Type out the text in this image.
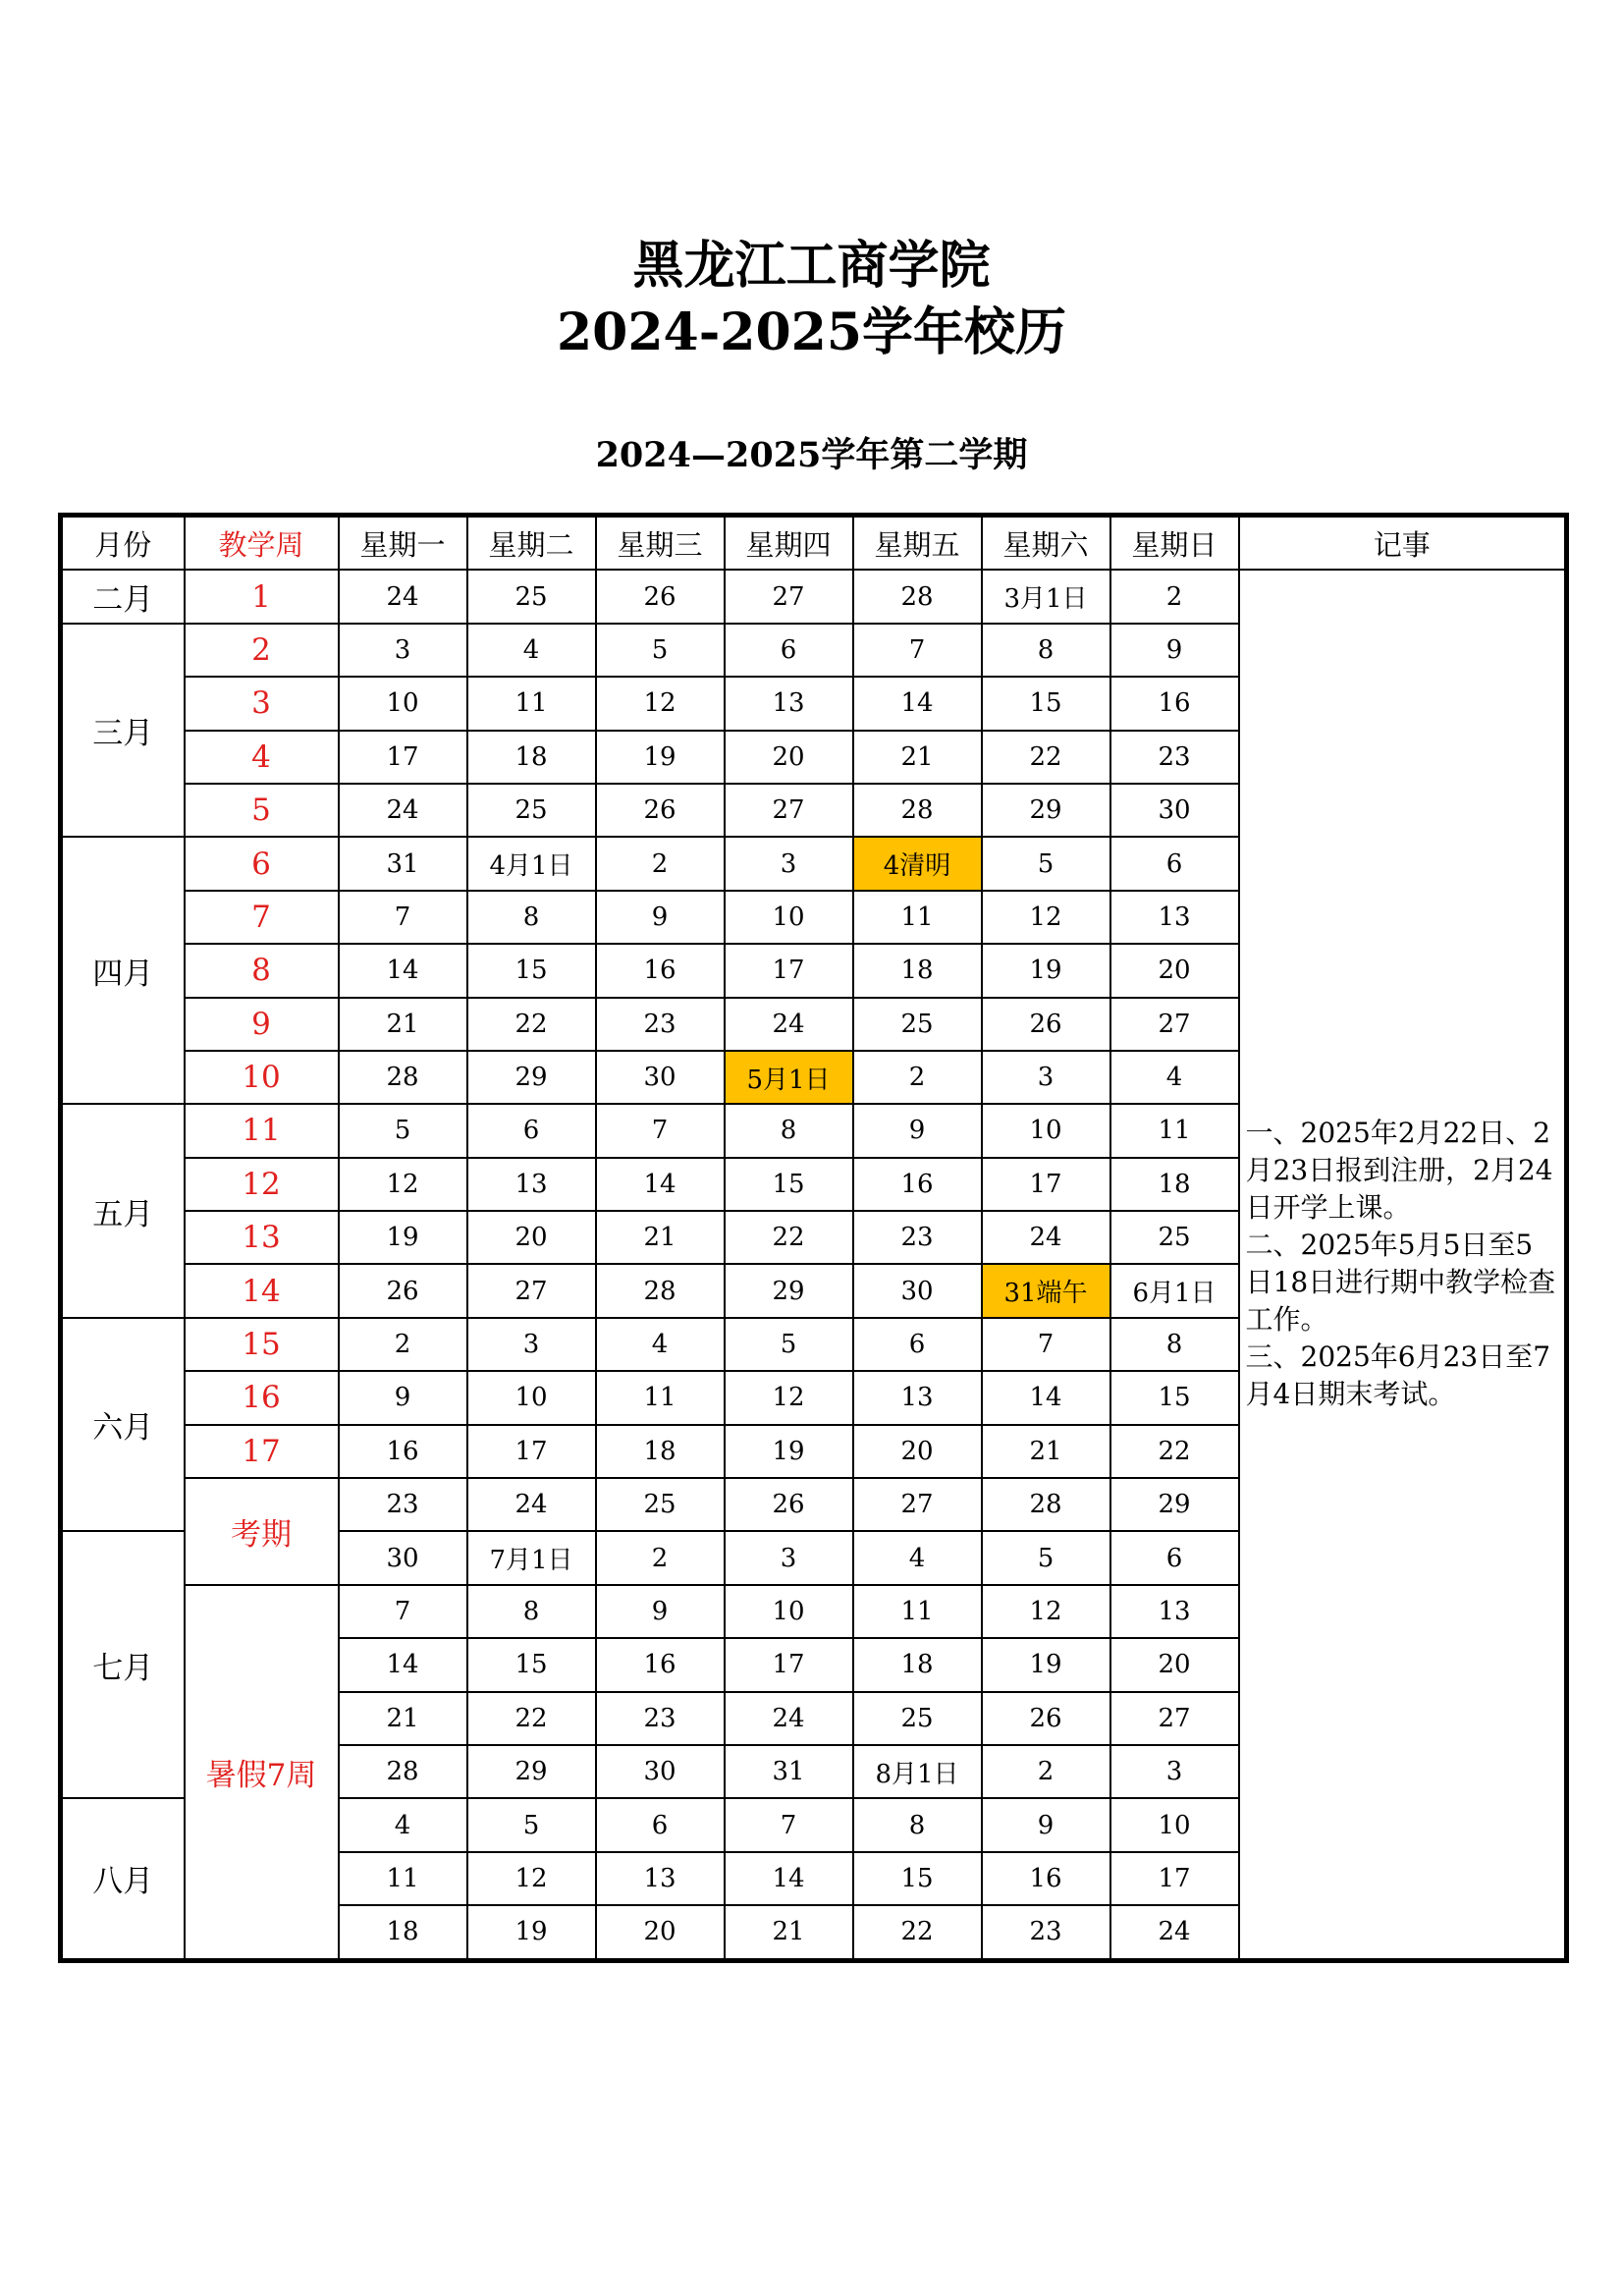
黑龙江工商学院
2024-2025学年校历
2024—2025学年第二学期
月份	教学周	星期一	星期二	星期三	星期四	星期五	星期六	星期日	记事
二月	1	24	25	26	27	28	3月1日	2	一、2025年2月22日、2月23日报到注册，2月24日开学上课。
二、2025年5月5日至5日18日进行期中教学检查工作。
三、2025年6月23日至7月4日期末考试。

三月	2	3	4	5	6	7	8	9	
	3	10	11	12	13	14	15	16	
	4	17	18	19	20	21	22	23	
	5	24	25	26	27	28	29	30	
四月	6	31	4月1日	2	3	4清明	5	6	
	7	7	8	9	10	11	12	13	
	8	14	15	16	17	18	19	20	
	9	21	22	23	24	25	26	27	
	10	28	29	30	5月1日	2	3	4	
五月	11	5	6	7	8	9	10	11	
	12	12	13	14	15	16	17	18	
	13	19	20	21	22	23	24	25	
	14	26	27	28	29	30	31端午	6月1日	
六月	15	2	3	4	5	6	7	8	
	16	9	10	11	12	13	14	15	
	17	16	17	18	19	20	21	22	
	考期	23	24	25	26	27	28	29	
七月		30	7月1日	2	3	4	5	6	
	暑假7周	7	8	9	10	11	12	13	
		14	15	16	17	18	19	20	
		21	22	23	24	25	26	27	
		28	29	30	31	8月1日	2	3	
八月		4	5	6	7	8	9	10	
		11	12	13	14	15	16	17	
		18	19	20	21	22	23	24	
